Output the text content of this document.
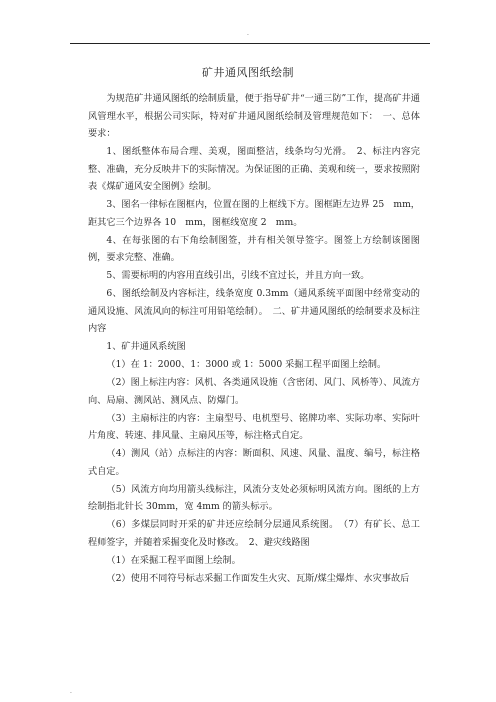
.
矿井通风图纸绘制

为规范矿井通风图纸的绘制质量，便于指导矿井“一通三防”工作，提高矿井通风管理水平，根据公司实际，特对矿井通风图纸绘制及管理规范如下：　一、总体要求：

1、图纸整体布局合理、美观，图面整洁，线条均匀光滑。　2、标注内容完整、准确，充分反映井下的实际情况。为保证图的正确、美观和统一，要求按照附表《煤矿通风安全图例》绘制。

3、图名一律标在图框内，位置在图的上框线下方。图框距左边界 25　mm，距其它三个边界各 10　mm，图框线宽度 2　mm。

4、在每张图的右下角绘制图签，并有相关领导签字。图签上方绘制该图图例，要求完整、准确。

5、需要标明的内容用直线引出，引线不宜过长，并且方向一致。

6、图纸绘制及内容标注，线条宽度 0.3mm（通风系统平面图中经常变动的通风设施、风流风向的标注可用铅笔绘制）。　二、矿井通风图纸的绘制要求及标注内容

1、矿井通风系统图

（1）在 1：2000、1：3000 或 1：5000 采掘工程平面图上绘制。

（2）图上标注内容：风机、各类通风设施（含密闭、风门、风桥等）、风流方向、局扇、测风站、测风点、防爆门。

（3）主扇标注的内容：主扇型号、电机型号、铭牌功率、实际功率、实际叶片角度、转速、排风量、主扇风压等，标注格式自定。

（4）测风（站）点标注的内容：断面积、风速、风量、温度、编号，标注格式自定。

（5）风流方向均用箭头线标注，风流分支处必须标明风流方向。图纸的上方绘制指北针长 30mm，宽 4mm 的箭头标示。

（6）多煤层同时开采的矿井还应绘制分层通风系统图。　（7）有矿长、总工程师签字，并随着采掘变化及时修改。　2、避灾线路图

（1）在采掘工程平面图上绘制。

（2）使用不同符号标志采掘工作面发生火灾、瓦斯/煤尘爆炸、水灾事故后

.
